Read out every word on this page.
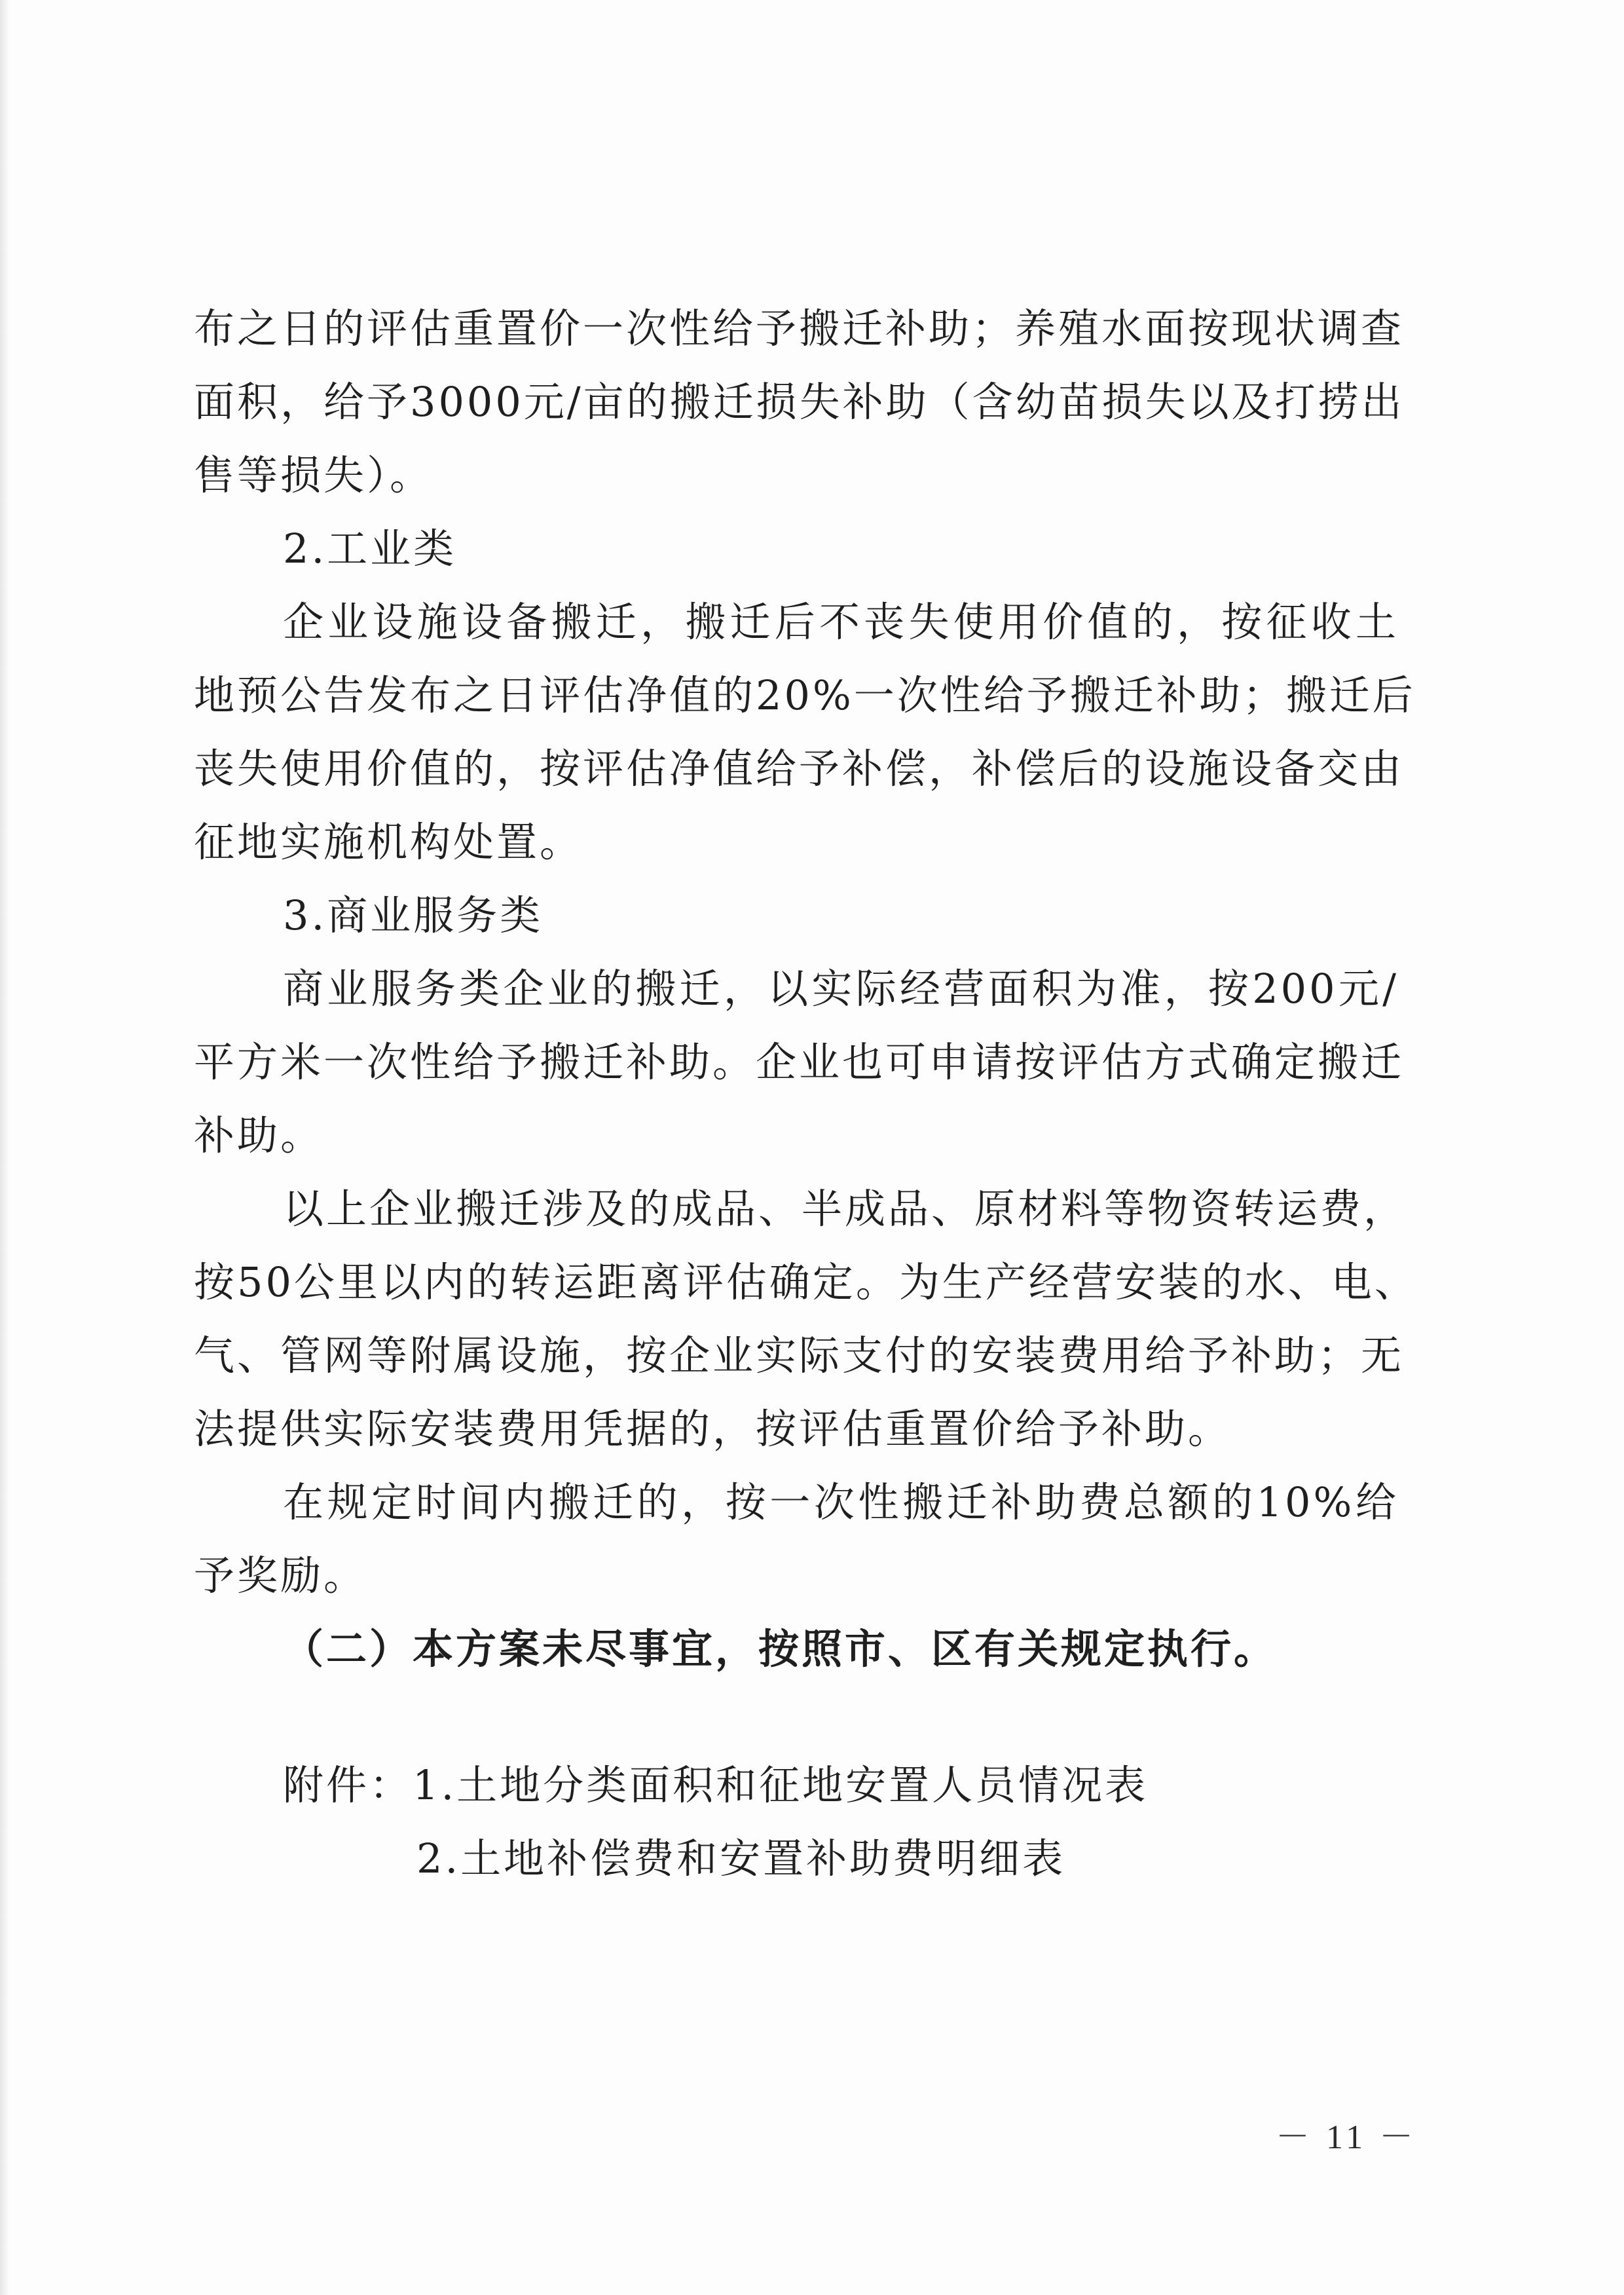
布之日的评估重置价一次性给予搬迁补助；养殖水面按现状调查

面积，给予3000元/亩的搬迁损失补助（含幼苗损失以及打捞出

售等损失）。

2.工业类

企业设施设备搬迁，搬迁后不丧失使用价值的，按征收土

地预公告发布之日评估净值的20%一次性给予搬迁补助；搬迁后

丧失使用价值的，按评估净值给予补偿，补偿后的设施设备交由

征地实施机构处置。

3.商业服务类

商业服务类企业的搬迁，以实际经营面积为准，按200元/

平方米一次性给予搬迁补助。企业也可申请按评估方式确定搬迁

补助。

以上企业搬迁涉及的成品、半成品、原材料等物资转运费，

按50公里以内的转运距离评估确定。为生产经营安装的水、电、

气、管网等附属设施，按企业实际支付的安装费用给予补助；无

法提供实际安装费用凭据的，按评估重置价给予补助。

在规定时间内搬迁的，按一次性搬迁补助费总额的10%给

予奖励。

（二）本方案未尽事宜，按照市、区有关规定执行。

附件：1.土地分类面积和征地安置人员情况表

2.土地补偿费和安置补助费明细表

－ 11 －
